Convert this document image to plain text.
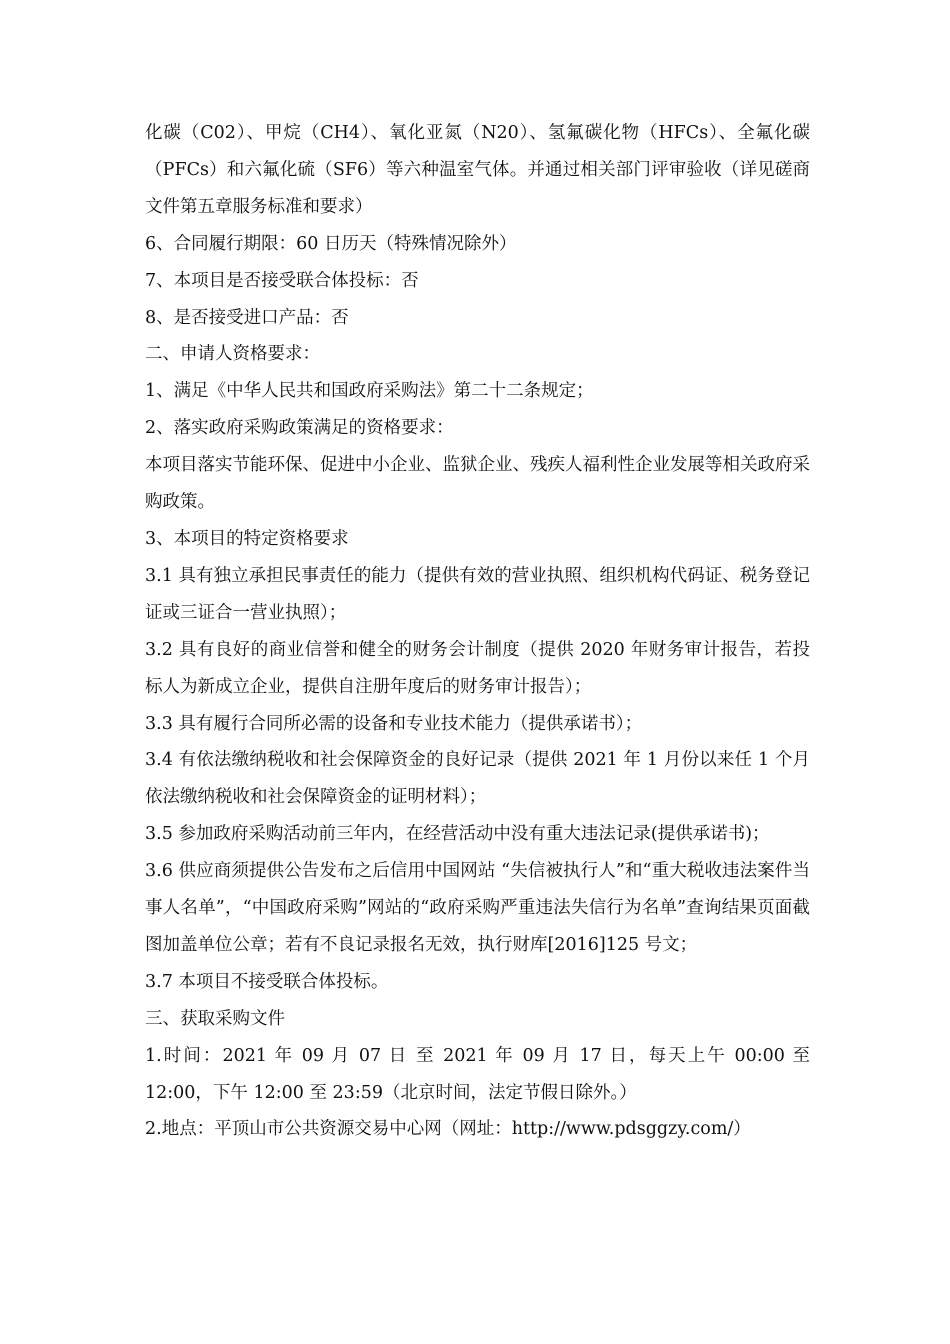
化碳（C02）、甲烷（CH4）、氧化亚氮（N20）、氢氟碳化物（HFCs）、全氟化碳（PFCs）和六氟化硫（SF6）等六种温室气体。并通过相关部门评审验收（详见磋商文件第五章服务标准和要求）

6、合同履行期限：60 日历天（特殊情况除外）

7、本项目是否接受联合体投标：否

8、是否接受进口产品：否

二、申请人资格要求：

1、满足《中华人民共和国政府采购法》第二十二条规定；

2、落实政府采购政策满足的资格要求：

本项目落实节能环保、促进中小企业、监狱企业、残疾人福利性企业发展等相关政府采购政策。

3、本项目的特定资格要求

3.1 具有独立承担民事责任的能力（提供有效的营业执照、组织机构代码证、税务登记证或三证合一营业执照）；

3.2 具有良好的商业信誉和健全的财务会计制度（提供 2020 年财务审计报告，若投标人为新成立企业，提供自注册年度后的财务审计报告）；

3.3 具有履行合同所必需的设备和专业技术能力（提供承诺书）；

3.4 有依法缴纳税收和社会保障资金的良好记录（提供 2021 年 1 月份以来任 1 个月依法缴纳税收和社会保障资金的证明材料）；

3.5 参加政府采购活动前三年内，在经营活动中没有重大违法记录(提供承诺书)；

3.6 供应商须提供公告发布之后信用中国网站 “失信被执行人”和“重大税收违法案件当事人名单”，“中国政府采购”网站的“政府采购严重违法失信行为名单”查询结果页面截图加盖单位公章；若有不良记录报名无效，执行财库[2016]125 号文；

3.7 本项目不接受联合体投标。

三、获取采购文件

1.时间：2021 年 09 月 07 日 至 2021 年 09 月 17 日，每天上午 00:00 至 12:00，下午 12:00 至 23:59（北京时间，法定节假日除外。）

2.地点：平顶山市公共资源交易中心网（网址：http://www.pdsggzy.com/）
